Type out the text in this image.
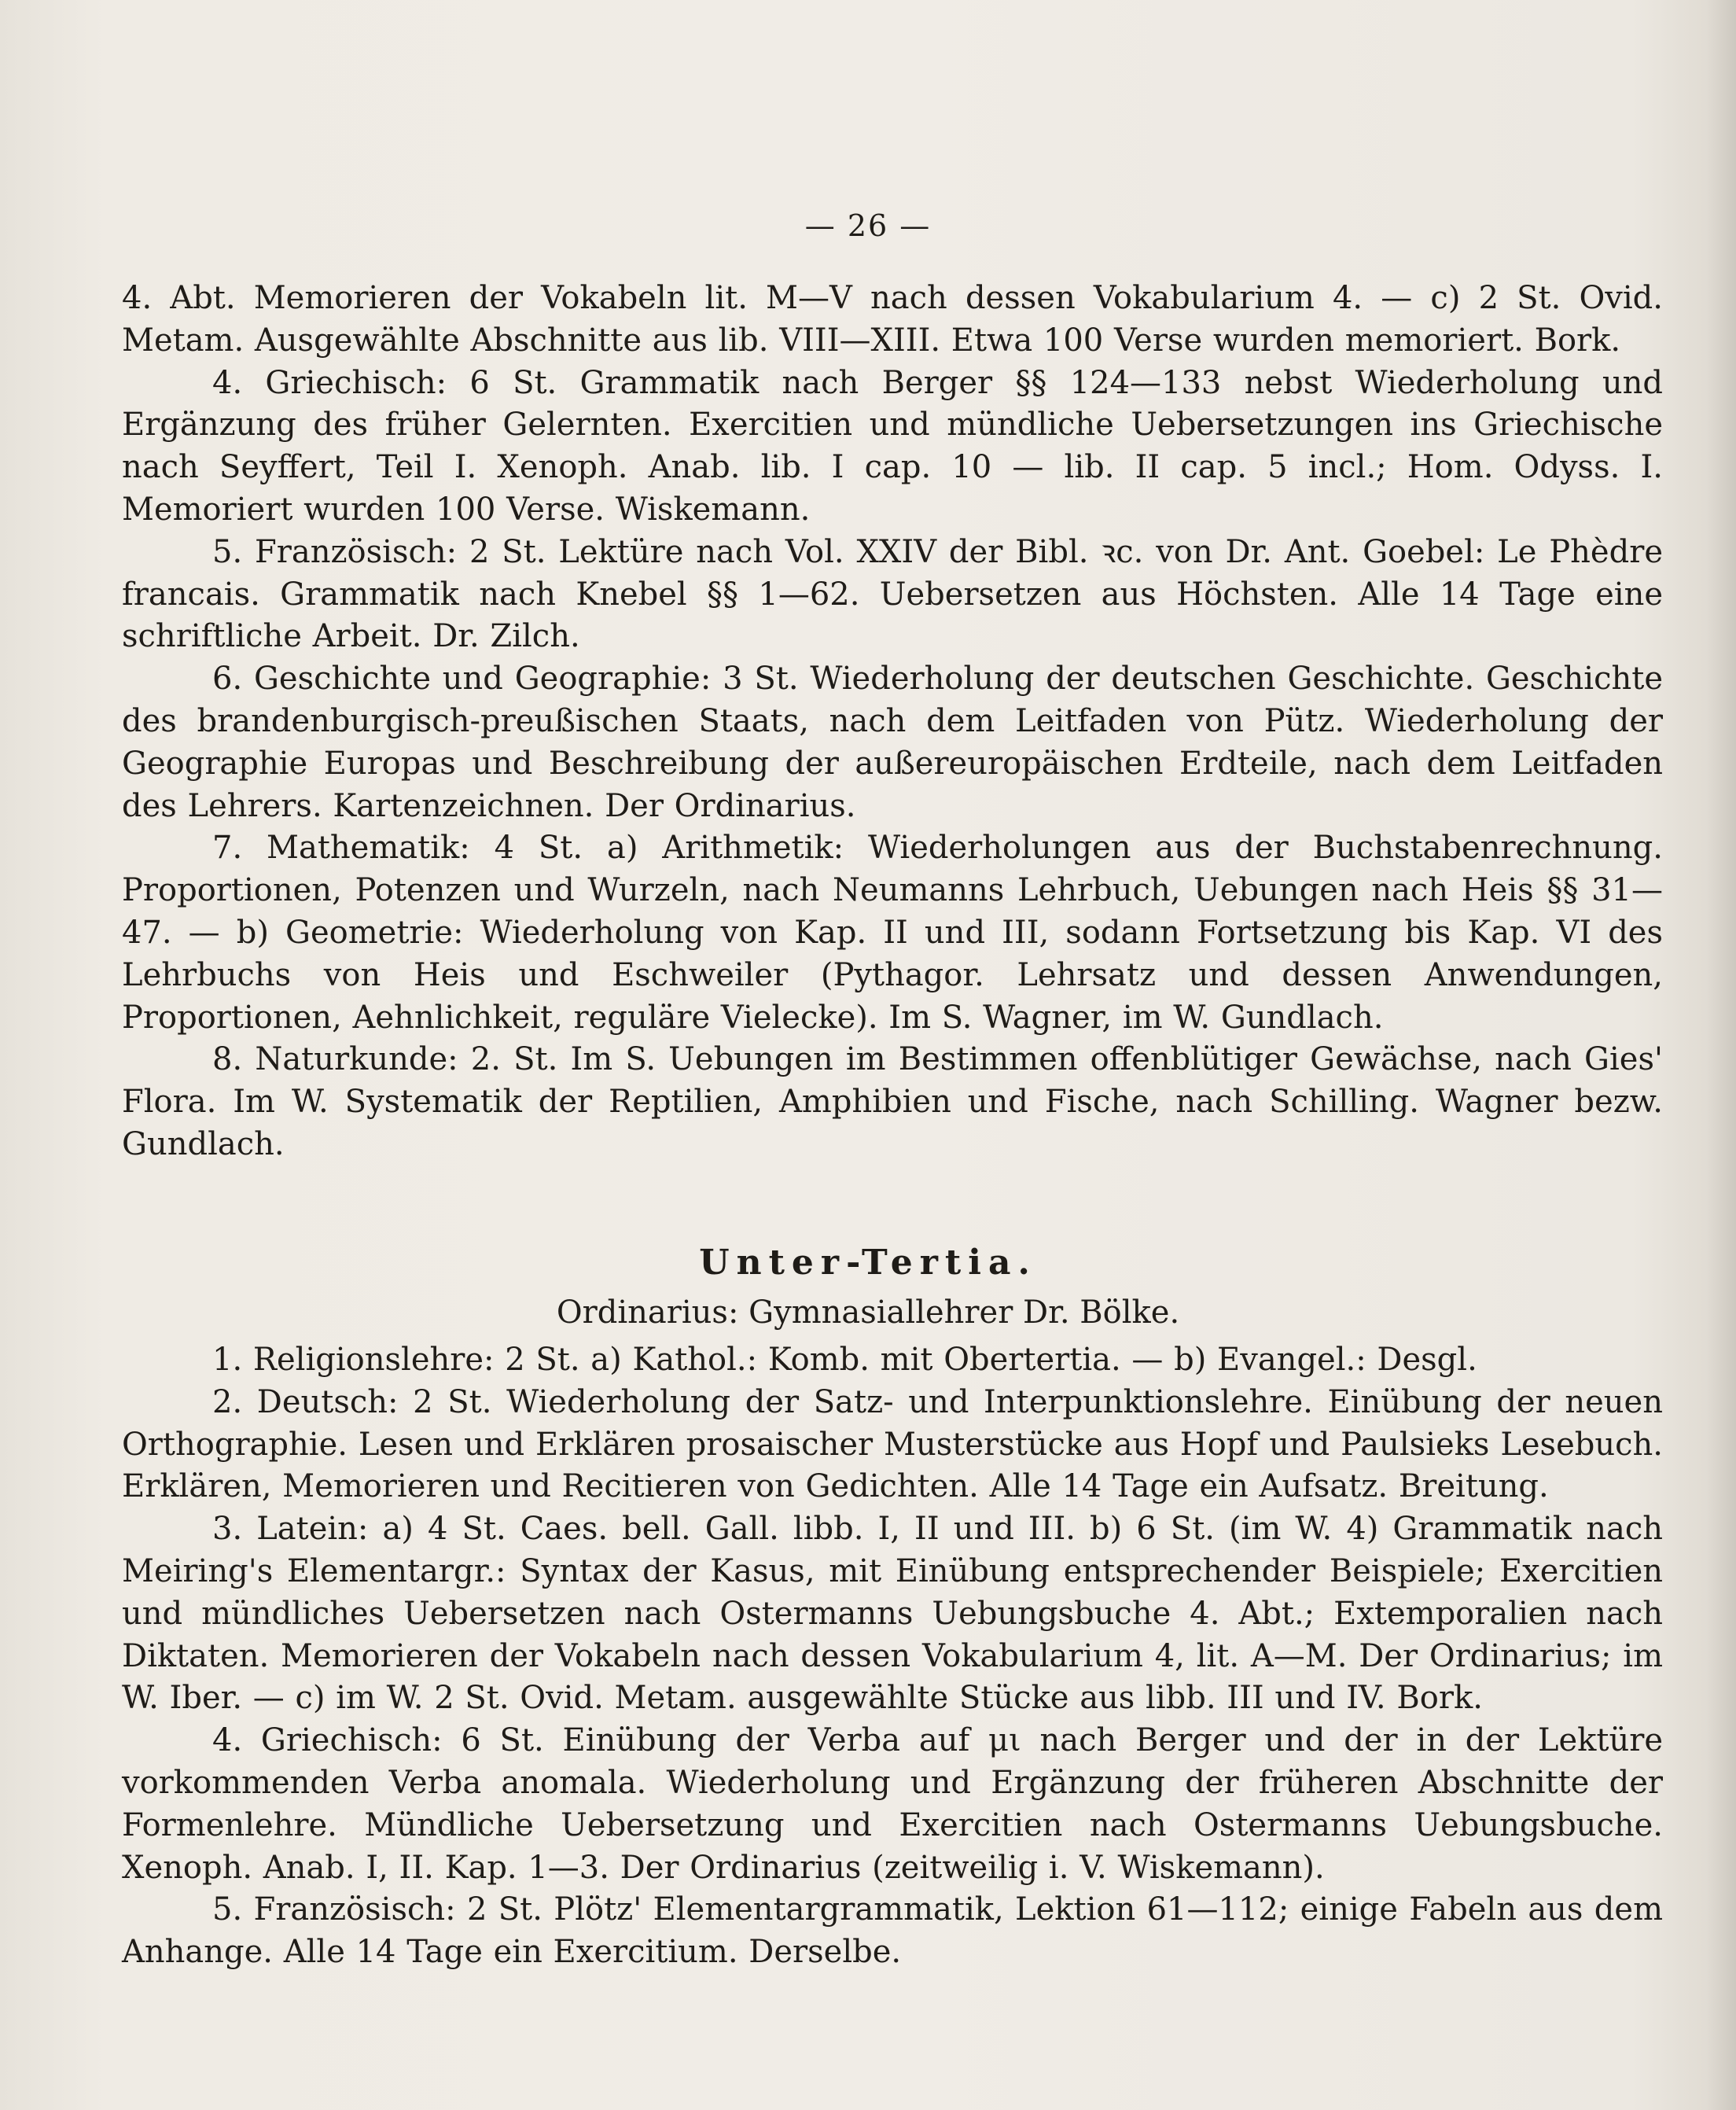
— 26 —

4. Abt. Memorieren der Vokabeln lit. M—V nach dessen Vokabularium 4. — c) 2 St. Ovid. Metam. Ausgewählte Abschnitte aus lib. VIII—XIII. Etwa 100 Verse wurden memoriert. Bork.

4. Griechisch: 6 St. Grammatik nach Berger §§ 124—133 nebst Wiederholung und Ergänzung des früher Gelernten. Exercitien und mündliche Uebersetzungen ins Griechische nach Seyffert, Teil I. Xenoph. Anab. lib. I cap. 10 — lib. II cap. 5 incl.; Hom. Odyss. I. Memoriert wurden 100 Verse. Wiskemann.

5. Französisch: 2 St. Lektüre nach Vol. XXIV der Bibl. ꝛc. von Dr. Ant. Goebel: Le Phèdre francais. Grammatik nach Knebel §§ 1—62. Uebersetzen aus Höchsten. Alle 14 Tage eine schriftliche Arbeit. Dr. Zilch.

6. Geschichte und Geographie: 3 St. Wiederholung der deutschen Geschichte. Geschichte des brandenburgisch-preußischen Staats, nach dem Leitfaden von Pütz. Wiederholung der Geographie Europas und Beschreibung der außereuropäischen Erdteile, nach dem Leitfaden des Lehrers. Kartenzeichnen. Der Ordinarius.

7. Mathematik: 4 St. a) Arithmetik: Wiederholungen aus der Buchstabenrechnung. Proportionen, Potenzen und Wurzeln, nach Neumanns Lehrbuch, Uebungen nach Heis §§ 31—47. — b) Geometrie: Wiederholung von Kap. II und III, sodann Fortsetzung bis Kap. VI des Lehrbuchs von Heis und Eschweiler (Pythagor. Lehrsatz und dessen Anwendungen, Proportionen, Aehnlichkeit, reguläre Vielecke). Im S. Wagner, im W. Gundlach.

8. Naturkunde: 2. St. Im S. Uebungen im Bestimmen offenblütiger Gewächse, nach Gies' Flora. Im W. Systematik der Reptilien, Amphibien und Fische, nach Schilling. Wagner bezw. Gundlach.

Unter-Tertia.
Ordinarius: Gymnasiallehrer Dr. Bölke.

1. Religionslehre: 2 St. a) Kathol.: Komb. mit Obertertia. — b) Evangel.: Desgl.

2. Deutsch: 2 St. Wiederholung der Satz- und Interpunktionslehre. Einübung der neuen Orthographie. Lesen und Erklären prosaischer Musterstücke aus Hopf und Paulsieks Lesebuch. Erklären, Memorieren und Recitieren von Gedichten. Alle 14 Tage ein Aufsatz. Breitung.

3. Latein: a) 4 St. Caes. bell. Gall. libb. I, II und III. b) 6 St. (im W. 4) Grammatik nach Meiring's Elementargr.: Syntax der Kasus, mit Einübung entsprechender Beispiele; Exercitien und mündliches Uebersetzen nach Ostermanns Uebungsbuche 4. Abt.; Extemporalien nach Diktaten. Memorieren der Vokabeln nach dessen Vokabularium 4, lit. A—M. Der Ordinarius; im W. Iber. — c) im W. 2 St. Ovid. Metam. ausgewählte Stücke aus libb. III und IV. Bork.

4. Griechisch: 6 St. Einübung der Verba auf μι nach Berger und der in der Lektüre vorkommenden Verba anomala. Wiederholung und Ergänzung der früheren Abschnitte der Formenlehre. Mündliche Uebersetzung und Exercitien nach Ostermanns Uebungsbuche. Xenoph. Anab. I, II. Kap. 1—3. Der Ordinarius (zeitweilig i. V. Wiskemann).

5. Französisch: 2 St. Plötz' Elementargrammatik, Lektion 61—112; einige Fabeln aus dem Anhange. Alle 14 Tage ein Exercitium. Derselbe.
